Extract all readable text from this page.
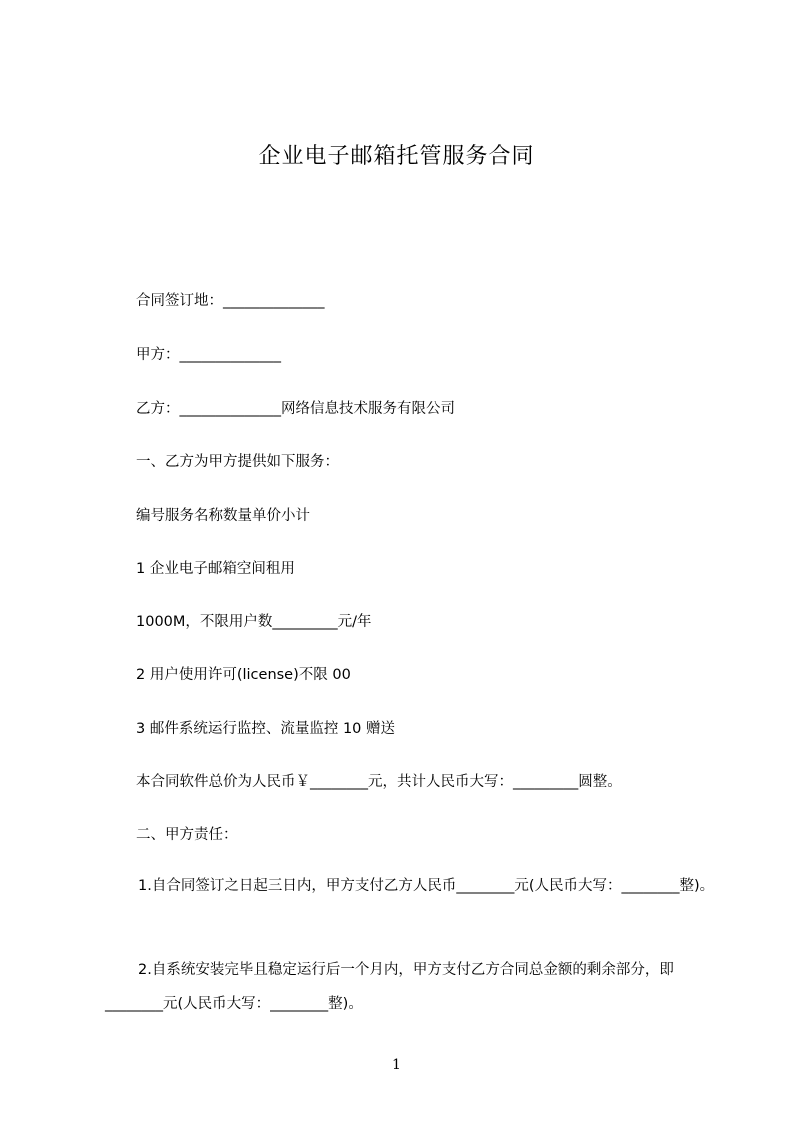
企业电子邮箱托管服务合同
合同签订地：______________
甲方：______________
乙方：______________网络信息技术服务有限公司
一、乙方为甲方提供如下服务：
编号服务名称数量单价小计
1 企业电子邮箱空间租用
1000M，不限用户数_________元/年
2 用户使用许可(license)不限 00
3 邮件系统运行监控、流量监控 10 赠送
本合同软件总价为人民币￥________元，共计人民币大写：_________圆整。
二、甲方责任：
1.自合同签订之日起三日内，甲方支付乙方人民币________元(人民币大写：________整)。
2.自系统安装完毕且稳定运行后一个月内，甲方支付乙方合同总金额的剩余部分，即________元(人民币大写：________整)。
1
